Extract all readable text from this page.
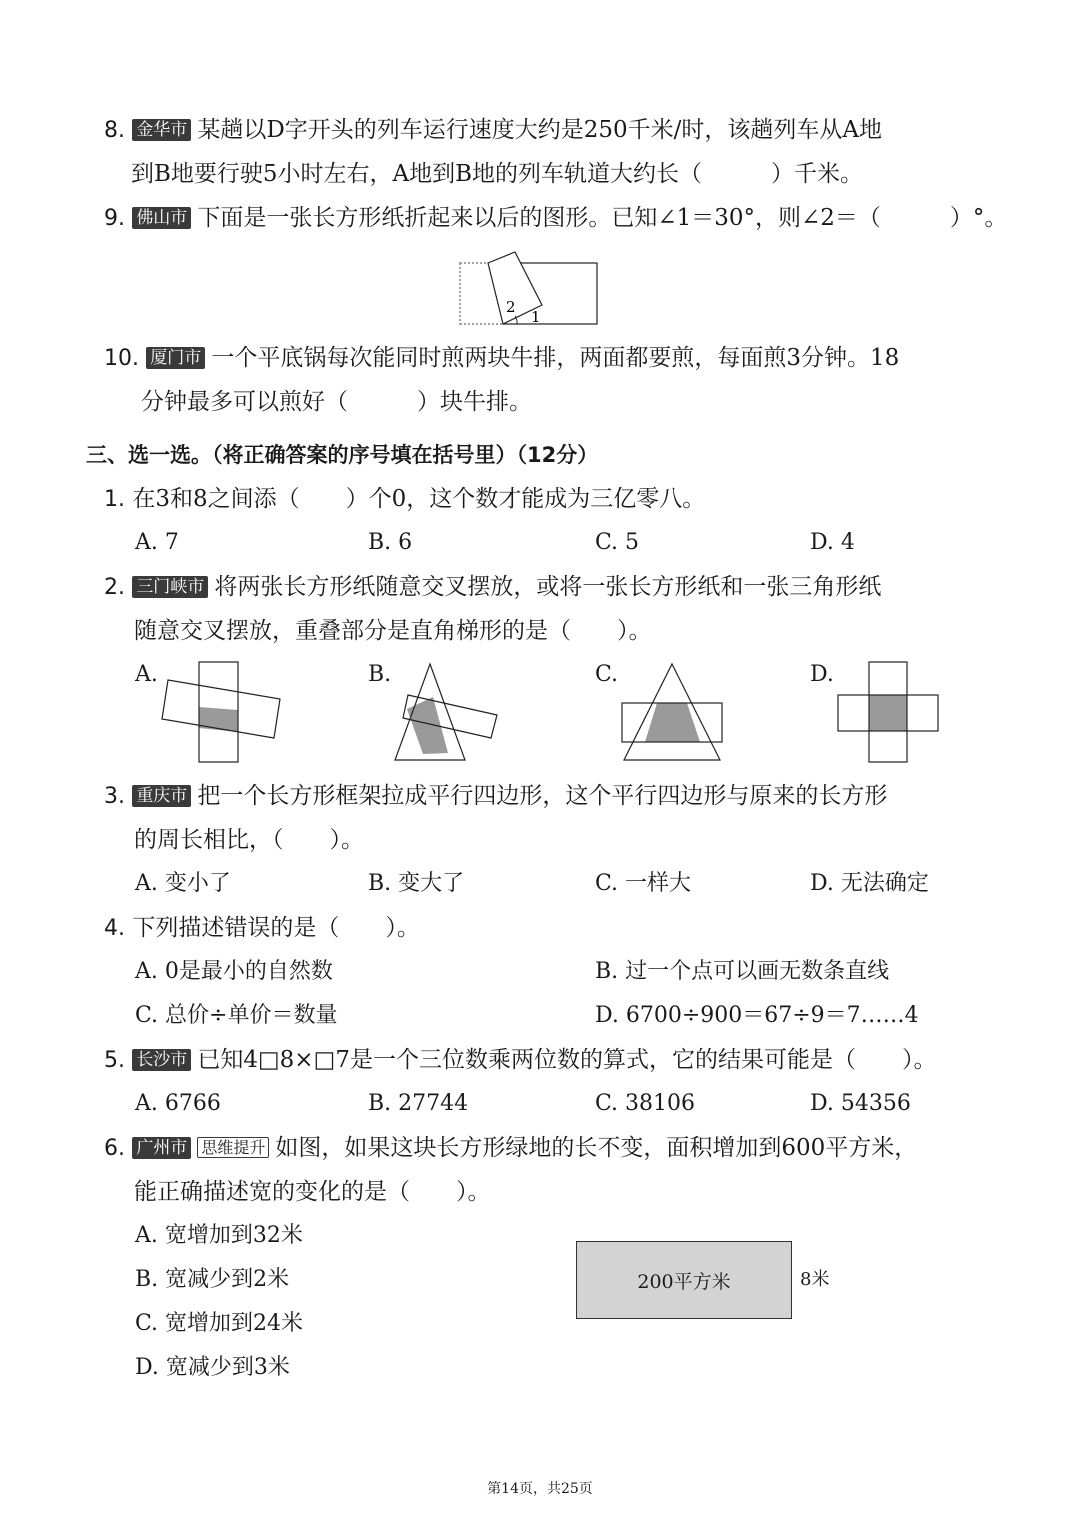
8. 金华市 某趟以D字开头的列车运行速度大约是250千米/时，该趟列车从A地
到B地要行驶5小时左右，A地到B地的列车轨道大约长（　　　）千米。
9. 佛山市 下面是一张长方形纸折起来以后的图形。已知∠1＝30°，则∠2＝（　　　）°。
2
1
10. 厦门市 一个平底锅每次能同时煎两块牛排，两面都要煎，每面煎3分钟。18
分钟最多可以煎好（　　　）块牛排。
三、选一选。（将正确答案的序号填在括号里）（12分）
1. 在3和8之间添（　　）个0，这个数才能成为三亿零八。
A. 7	B. 6	C. 5	D. 4
2. 三门峡市 将两张长方形纸随意交叉摆放，或将一张长方形纸和一张三角形纸
随意交叉摆放，重叠部分是直角梯形的是（　　）。
A.	B.	C.	D.
3. 重庆市 把一个长方形框架拉成平行四边形，这个平行四边形与原来的长方形
的周长相比，（　　）。
A. 变小了	B. 变大了	C. 一样大	D. 无法确定
4. 下列描述错误的是（　　）。
A. 0是最小的自然数	B. 过一个点可以画无数条直线
C. 总价÷单价＝数量	D. 6700÷900＝67÷9＝7……4
5. 长沙市 已知4□8×□7是一个三位数乘两位数的算式，它的结果可能是（　　）。
A. 6766	B. 27744	C. 38106	D. 54356
6. 广州市 思维提升 如图，如果这块长方形绿地的长不变，面积增加到600平方米，
能正确描述宽的变化的是（　　）。
A. 宽增加到32米
B. 宽减少到2米
C. 宽增加到24米
D. 宽减少到3米
200平方米	8米
第14页，共25页
